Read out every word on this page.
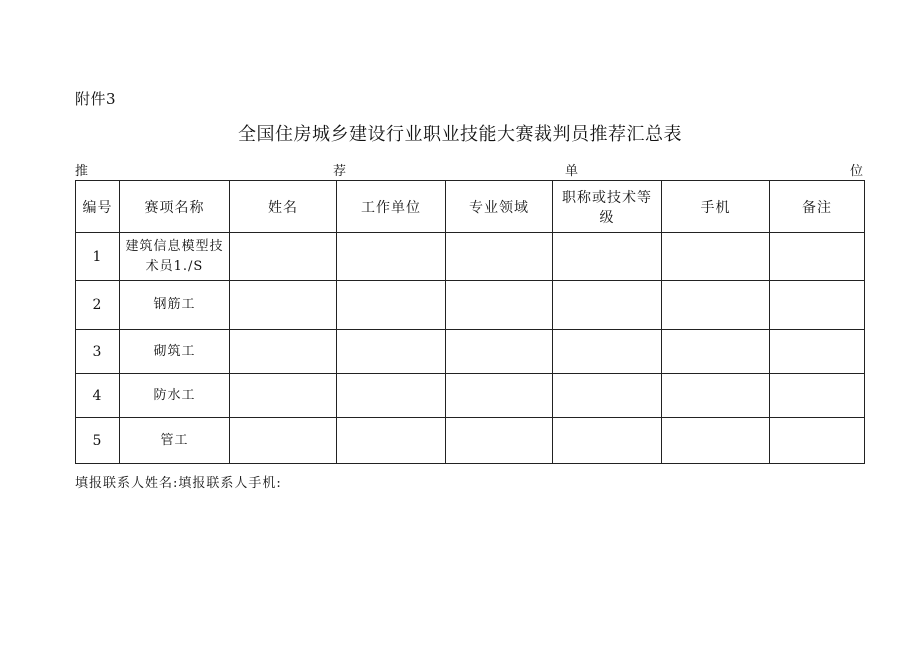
附件3
全国住房城乡建设行业职业技能大赛裁判员推荐汇总表
推	荐	单	位
编号	赛项名称	姓名	工作单位	专业领域	职称或技术等级	手机	备注
1	建筑信息模型技术员1./S						
2	钢筋工						
3	砌筑工						
4	防水工						
5	管工						
填报联系人姓名:填报联系人手机:
